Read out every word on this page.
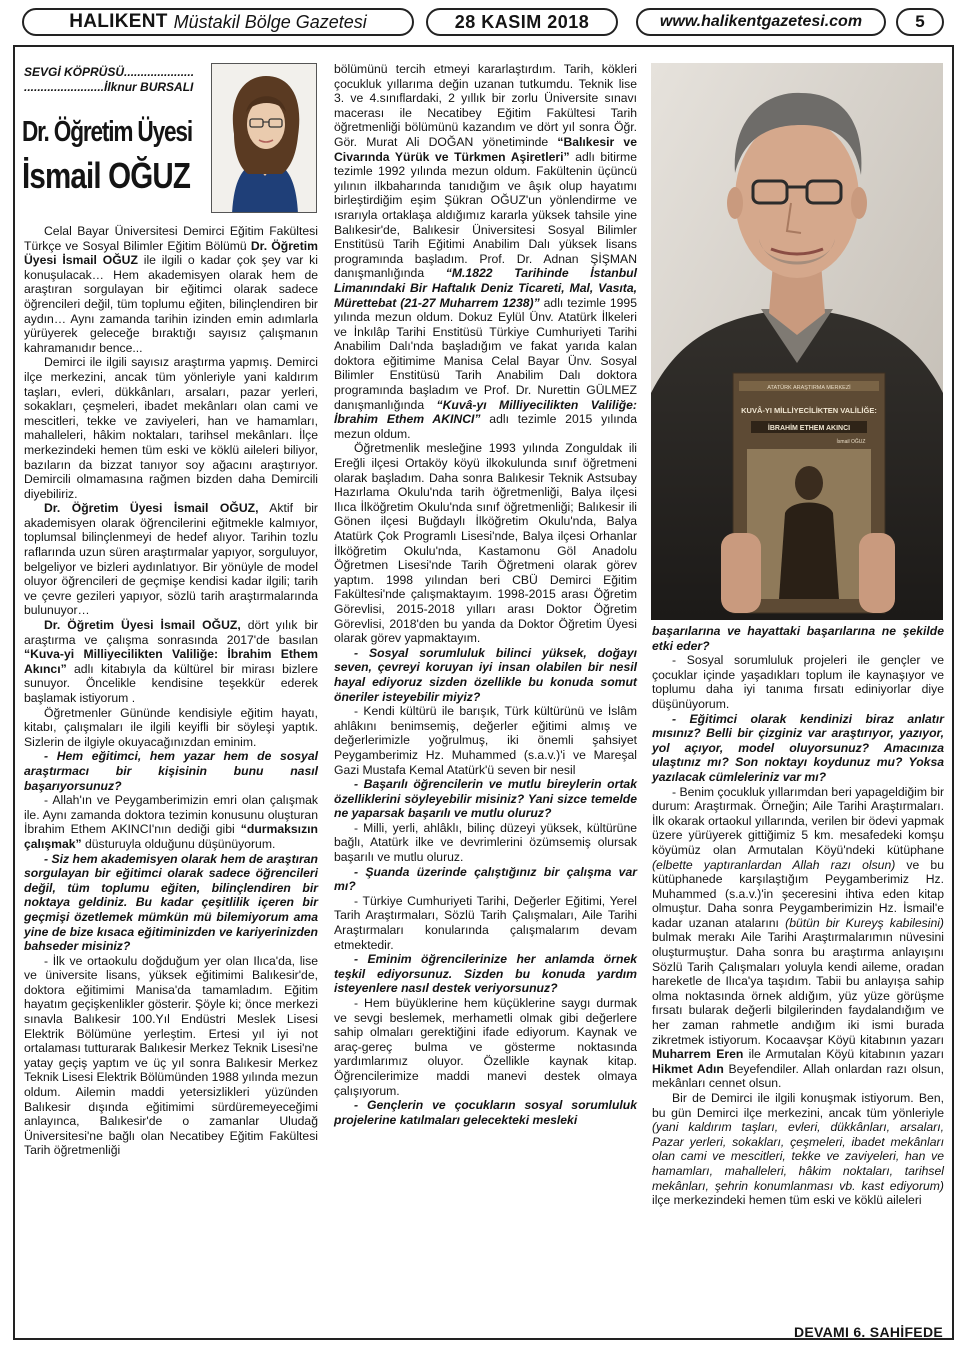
HALIKENT Müstakil Bölge Gazetesi	28 KASIM 2018	www.halikentgazetesi.com	5
SEVGİ KÖPRÜSÜ.....................
........................İlknur BURSALI
Dr. Öğretim Üyesi
İsmail OĞUZ
ATATÜRK ARAŞTIRMA MERKEZİ
KUVÂ-YI MİLLİYECİLİKTEN VALİLİĞE:
İBRAHİM ETHEM AKINCI
İsmail OĞUZ

Celal Bayar Üniversitesi Demirci Eğitim Fakültesi Türkçe ve Sosyal Bilimler Eğitim Bölümü Dr. Öğretim Üyesi İsmail OĞUZ ile ilgili o kadar çok şey var ki konuşulacak… Hem akademisyen olarak hem de araştıran sorgulayan bir eğitimci olarak sadece öğrencileri değil, tüm toplumu eğiten, bilinçlendiren bir aydın… Aynı zamanda tarihin izinden emin adımlarla yürüyerek geleceğe bıraktığı sayısız çalışmanın kahramanıdır bence...

Demirci ile ilgili sayısız araştırma yapmış. Demirci ilçe merkezini, ancak tüm yönleriyle yani kaldırım taşları, evleri, dükkânları, arsaları, pazar yerleri, sokakları, çeşmeleri, ibadet mekânları olan cami ve mescitleri, tekke ve zaviyeleri, han ve hamamları, mahalleleri, hâkim noktaları, tarihsel mekânları. İlçe merkezindeki hemen tüm eski ve köklü aileleri biliyor, bazıların da bizzat tanıyor soy ağacını araştırıyor. Demircili olmamasına rağmen bizden daha Demircili diyebiliriz.

Dr. Öğretim Üyesi İsmail OĞUZ, Aktif bir akademisyen olarak öğrencilerini eğitmekle kalmıyor, toplumsal bilinçlenmeyi de hedef alıyor. Tarihin tozlu raflarında uzun süren araştırmalar yapıyor, sorguluyor, belgeliyor ve bizleri aydınlatıyor. Bir yönüyle de model oluyor öğrencileri de geçmişe kendisi kadar ilgili; tarih ve çevre gezileri yapıyor, sözlü tarih araştırmalarında bulunuyor…

Dr. Öğretim Üyesi İsmail OĞUZ, dört yılık bir araştırma ve çalışma sonrasında 2017'de basılan “Kuva-yi Milliyecilikten Valiliğe: İbrahim Ethem Akıncı” adlı kitabıyla da kültürel bir mirası bizlere sunuyor. Öncelikle kendisine teşekkür ederek başlamak istiyorum .

Öğretmenler Gününde kendisiyle eğitim hayatı, kitabı, çalışmaları ile ilgili keyifli bir söyleşi yaptık. Sizlerin de ilgiyle okuyacağınızdan eminim.

- Hem eğitimci, hem yazar hem de sosyal araştırmacı bir kişisinin bunu nasıl başarıyorsunuz?

- Allah'ın ve Peygamberimizin emri olan çalışmak ile. Aynı zamanda doktora tezimin konusunu oluşturan İbrahim Ethem AKINCI'nın dediği gibi “durmaksızın çalışmak” düsturuyla olduğunu düşünüyorum.

- Siz hem akademisyen olarak hem de araştıran sorgulayan bir eğitimci olarak sadece öğrencileri değil, tüm toplumu eğiten, bilinçlendiren bir noktaya geldiniz. Bu kadar çeşitlilik içeren bir geçmişi özetlemek mümkün mü bilemiyorum ama yine de bize kısaca eğitiminizden ve kariyerinizden bahseder misiniz?

- İlk ve ortaokulu doğduğum yer olan Ilıca'da, lise ve üniversite lisans, yüksek eğitimimi Balıkesir'de, doktora eğitimimi Manisa'da tamamladım. Eğitim hayatım geçişkenlikler gösterir. Şöyle ki; önce merkezi sınavla Balıkesir 100.Yıl Endüstri Meslek Lisesi Elektrik Bölümüne yerleştim. Ertesi yıl iyi not ortalaması tutturarak Balıkesir Merkez Teknik Lisesi'ne yatay geçiş yaptım ve üç yıl sonra Balıkesir Merkez Teknik Lisesi Elektrik Bölümünden 1988 yılında mezun oldum. Ailemin maddi yetersizlikleri yüzünden Balıkesir dışında eğitimimi sürdüremeyeceğimi anlayınca, Balıkesir'de o zamanlar Uludağ Üniversitesi'ne bağlı olan Necatibey Eğitim Fakültesi Tarih öğretmenliği

bölümünü tercih etmeyi kararlaştırdım. Tarih, kökleri çocukluk yıllarıma değin uzanan tutkumdu. Teknik lise 3. ve 4.sınıflardaki, 2 yıllık bir zorlu Üniversite sınavı macerası ile Necatibey Eğitim Fakültesi Tarih öğretmenliği bölümünü kazandım ve dört yıl sonra Öğr. Gör. Murat Ali DOĞAN yönetiminde “Balıkesir ve Civarında Yürük ve Türkmen Aşiretleri” adlı bitirme tezimle 1992 yılında mezun oldum. Fakültenin üçüncü yılının ilkbaharında tanıdığım ve âşık olup hayatımı birleştirdiğim eşim Şükran OĞUZ'un yönlendirme ve ısrarıyla ortaklaşa aldığımız kararla yüksek tahsile yine Balıkesir'de, Balıkesir Üniversitesi Sosyal Bilimler Enstitüsü Tarih Eğitimi Anabilim Dalı yüksek lisans programında başladım. Prof. Dr. Adnan ŞİŞMAN danışmanlığında “M.1822 Tarihinde İstanbul Limanındaki Bir Haftalık Deniz Ticareti, Mal, Vasıta, Mürettebat (21-27 Muharrem 1238)” adlı tezimle 1995 yılında mezun oldum. Dokuz Eylül Ünv. Atatürk İlkeleri ve İnkılâp Tarihi Enstitüsü Türkiye Cumhuriyeti Tarihi Anabilim Dalı'nda başladığım ve fakat yarıda kalan doktora eğitimime Manisa Celal Bayar Ünv. Sosyal Bilimler Enstitüsü Tarih Anabilim Dalı doktora programında başladım ve Prof. Dr. Nurettin GÜLMEZ danışmanlığında “Kuvâ-yı Milliyecilikten Valiliğe: İbrahim Ethem AKINCI” adlı tezimle 2015 yılında mezun oldum.

Öğretmenlik mesleğine 1993 yılında Zonguldak ili Ereğli ilçesi Ortaköy köyü ilkokulunda sınıf öğretmeni olarak başladım. Daha sonra Balıkesir Teknik Astsubay Hazırlama Okulu'nda tarih öğretmenliği, Balya ilçesi Ilıca İlköğretim Okulu'nda sınıf öğretmenliği; Balıkesir ili Gönen ilçesi Buğdaylı İlköğretim Okulu'nda, Balya Atatürk Çok Programlı Lisesi'nde, Balya ilçesi Orhanlar İlköğretim Okulu'nda, Kastamonu Göl Anadolu Öğretmen Lisesi'nde Tarih Öğretmeni olarak görev yaptım. 1998 yılından beri CBÜ Demirci Eğitim Fakültesi'nde çalışmaktayım. 1998-2015 arası Öğretim Görevlisi, 2015-2018 yılları arası Doktor Öğretim Görevlisi, 2018'den bu yanda da Doktor Öğretim Üyesi olarak görev yapmaktayım.

- Sosyal sorumluluk bilinci yüksek, doğayı seven, çevreyi koruyan iyi insan olabilen bir nesil hayal ediyoruz sizden özellikle bu konuda somut öneriler isteyebilir miyiz?

- Kendi kültürü ile barışık, Türk kültürünü ve İslâm ahlâkını benimsemiş, değerler eğitimi almış ve değerlerimizle yoğrulmuş, iki önemli şahsiyet Peygamberimiz Hz. Muhammed (s.a.v.)'i ve Mareşal Gazi Mustafa Kemal Atatürk'ü seven bir nesil

- Başarılı öğrencilerin ve mutlu bireylerin ortak özelliklerini söyleyebilir misiniz? Yani sizce temelde ne yaparsak başarılı ve mutlu oluruz?

- Milli, yerli, ahlâklı, bilinç düzeyi yüksek, kültürüne bağlı, Atatürk ilke ve devrimlerini özümsemiş olursak başarılı ve mutlu oluruz.

- Şuanda üzerinde çalıştığınız bir çalışma var mı?

- Türkiye Cumhuriyeti Tarihi, Değerler Eğitimi, Yerel Tarih Araştırmaları, Sözlü Tarih Çalışmaları, Aile Tarihi Araştırmaları konularında çalışmalarım devam etmektedir.

- Eminim öğrencilerinize her anlamda örnek teşkil ediyorsunuz. Sizden bu konuda yardım isteyenlere nasıl destek veriyorsunuz?

- Hem büyüklerine hem küçüklerine saygı durmak ve sevgi beslemek, merhametli olmak gibi değerlere sahip olmaları gerektiğini ifade ediyorum. Kaynak ve araç-gereç bulma ve gösterme noktasında yardımlarımız oluyor. Özellikle kaynak kitap. Öğrencilerimize maddi manevi destek olmaya çalışıyorum.

- Gençlerin ve çocukların sosyal sorumluluk projelerine katılmaları gelecekteki mesleki

başarılarına ve hayattaki başarılarına ne şekilde etki eder?

- Sosyal sorumluluk projeleri ile gençler ve çocuklar içinde yaşadıkları toplum ile kaynaşıyor ve toplumu daha iyi tanıma fırsatı ediniyorlar diye düşünüyorum.

- Eğitimci olarak kendinizi biraz anlatır mısınız? Belli bir çizginiz var araştırıyor, yazıyor, yol açıyor, model oluyorsunuz? Amacınıza ulaştınız mı? Son noktayı koydunuz mu? Yoksa yazılacak cümleleriniz var mı?

- Benim çocukluk yıllarımdan beri yapageldiğim bir durum: Araştırmak. Örneğin; Aile Tarihi Araştırmaları. İlk okarak ortaokul yıllarında, verilen bir ödevi yapmak üzere yürüyerek gittiğimiz 5 km. mesafedeki komşu köyümüz olan Armutalan Köyü'ndeki kütüphane (elbette yaptıranlardan Allah razı olsun) ve bu kütüphanede karşılaştığım Peygamberimiz Hz. Muhammed (s.a.v.)'in şeceresini ihtiva eden kitap olmuştur. Daha sonra Peygamberimizin Hz. İsmail'e kadar uzanan atalarını (bütün bir Kureyş kabilesini) bulmak merakı Aile Tarihi Araştırmalarımın nüvesini oluşturmuştur. Daha sonra bu araştırma anlayışını Sözlü Tarih Çalışmaları yoluyla kendi aileme, oradan hareketle de Ilıca'ya taşıdım. Tabii bu anlayışa sahip olma noktasında örnek aldığım, yüz yüze görüşme fırsatı bularak değerli bilgilerinden faydalandığım ve her zaman rahmetle andığım iki ismi burada zikretmek istiyorum. Kocaavşar Köyü kitabının yazarı Muharrem Eren ile Armutalan Köyü kitabının yazarı Hikmet Adın Beyefendiler. Allah onlardan razı olsun, mekânları cennet olsun.

Bir de Demirci ile ilgili konuşmak istiyorum. Ben, bu gün Demirci ilçe merkezini, ancak tüm yönleriyle (yani kaldırım taşları, evleri, dükkânları, arsaları, Pazar yerleri, sokakları, çeşmeleri, ibadet mekânları olan cami ve mescitleri, tekke ve zaviyeleri, han ve hamamları, mahalleleri, hâkim noktaları, tarihsel mekânları, şehrin konumlanması vb. kast ediyorum) ilçe merkezindeki hemen tüm eski ve köklü aileleri

DEVAMI 6. SAHİFEDE
